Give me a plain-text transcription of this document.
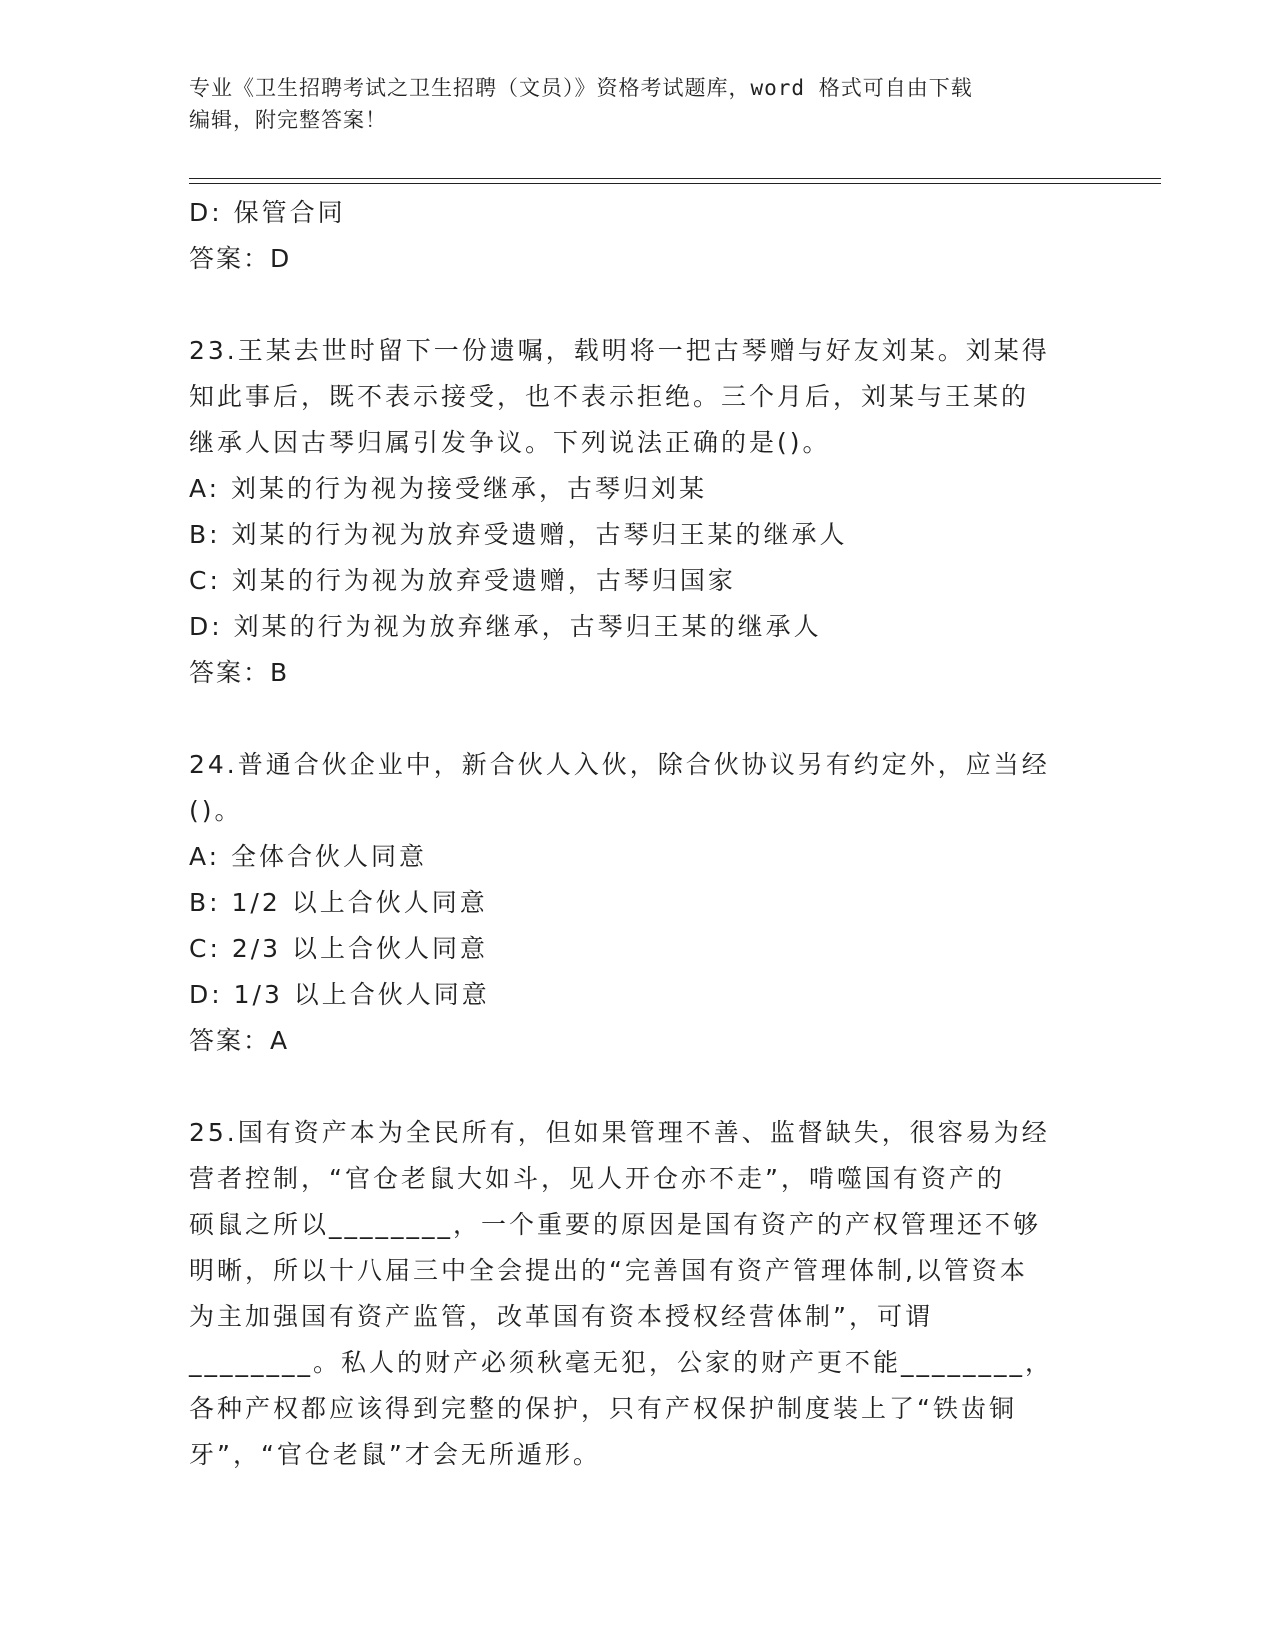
专业《卫生招聘考试之卫生招聘（文员）》资格考试题库，word 格式可自由下载
编辑，附完整答案！
D: 保管合同
答案：D
23.王某去世时留下一份遗嘱，载明将一把古琴赠与好友刘某。刘某得
知此事后，既不表示接受，也不表示拒绝。三个月后，刘某与王某的
继承人因古琴归属引发争议。下列说法正确的是()。
A: 刘某的行为视为接受继承，古琴归刘某
B: 刘某的行为视为放弃受遗赠，古琴归王某的继承人
C: 刘某的行为视为放弃受遗赠，古琴归国家
D: 刘某的行为视为放弃继承，古琴归王某的继承人
答案：B
24.普通合伙企业中，新合伙人入伙，除合伙协议另有约定外，应当经
()。
A: 全体合伙人同意
B: 1/2 以上合伙人同意
C: 2/3 以上合伙人同意
D: 1/3 以上合伙人同意
答案：A
25.国有资产本为全民所有，但如果管理不善、监督缺失，很容易为经
营者控制，“官仓老鼠大如斗，见人开仓亦不走”，啃噬国有资产的
硕鼠之所以________，一个重要的原因是国有资产的产权管理还不够
明晰，所以十八届三中全会提出的“完善国有资产管理体制,以管资本
为主加强国有资产监管，改革国有资本授权经营体制”，可谓
________。私人的财产必须秋毫无犯，公家的财产更不能________，
各种产权都应该得到完整的保护，只有产权保护制度装上了“铁齿铜
牙”，“官仓老鼠”才会无所遁形。
